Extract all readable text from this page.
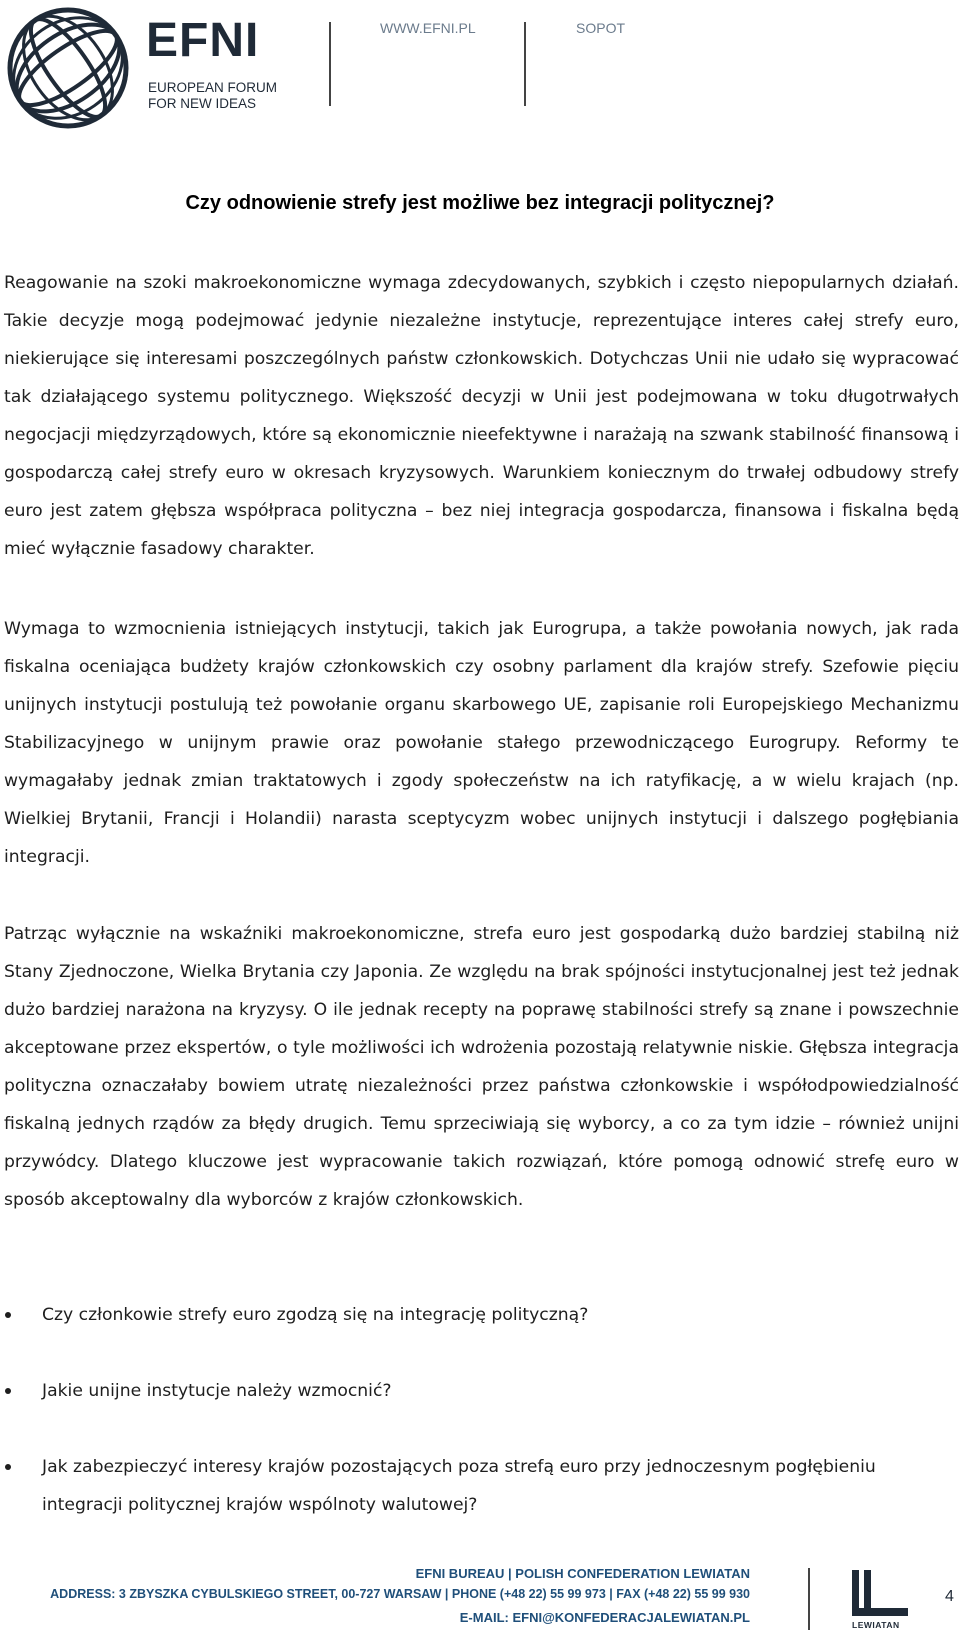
EFNI
EUROPEAN FORUM
FOR NEW IDEAS
WWW.EFNI.PL	SOPOT
Czy odnowienie strefy jest możliwe bez integracji politycznej?
Reagowanie na szoki makroekonomiczne wymaga zdecydowanych, szybkich i często niepopularnych działań. Takie decyzje mogą podejmować jedynie niezależne instytucje, reprezentujące interes całej strefy euro, niekierujące się interesami poszczególnych państw członkowskich. Dotychczas Unii nie udało się wypracować tak działającego systemu politycznego. Większość decyzji w Unii jest podejmowana w toku długotrwałych negocjacji międzyrządowych, które są ekonomicznie nieefektywne i narażają na szwank stabilność finansową i gospodarczą całej strefy euro w okresach kryzysowych. Warunkiem koniecznym do trwałej odbudowy strefy euro jest zatem głębsza współpraca polityczna – bez niej integracja gospodarcza, finansowa i fiskalna będą mieć wyłącznie fasadowy charakter.
Wymaga to wzmocnienia istniejących instytucji, takich jak Eurogrupa, a także powołania nowych, jak rada fiskalna oceniająca budżety krajów członkowskich czy osobny parlament dla krajów strefy. Szefowie pięciu unijnych instytucji postulują też powołanie organu skarbowego UE, zapisanie roli Europejskiego Mechanizmu Stabilizacyjnego w unijnym prawie oraz powołanie stałego przewodniczącego Eurogrupy. Reformy te wymagałaby jednak zmian traktatowych i zgody społeczeństw na ich ratyfikację, a w wielu krajach (np. Wielkiej Brytanii, Francji i Holandii) narasta sceptycyzm wobec unijnych instytucji i dalszego pogłębiania integracji.
Patrząc wyłącznie na wskaźniki makroekonomiczne, strefa euro jest gospodarką dużo bardziej stabilną niż Stany Zjednoczone, Wielka Brytania czy Japonia. Ze względu na brak spójności instytucjonalnej jest też jednak dużo bardziej narażona na kryzysy. O ile jednak recepty na poprawę stabilności strefy są znane i powszechnie akceptowane przez ekspertów, o tyle możliwości ich wdrożenia pozostają relatywnie niskie. Głębsza integracja polityczna oznaczałaby bowiem utratę niezależności przez państwa członkowskie i współodpowiedzialność fiskalną jednych rządów za błędy drugich. Temu sprzeciwiają się wyborcy, a co za tym idzie – również unijni przywódcy. Dlatego kluczowe jest wypracowanie takich rozwiązań, które pomogą odnowić strefę euro w sposób akceptowalny dla wyborców z krajów członkowskich.
Czy członkowie strefy euro zgodzą się na integrację polityczną?
Jakie unijne instytucje należy wzmocnić?
Jak zabezpieczyć interesy krajów pozostających poza strefą euro przy jednoczesnym pogłębieniu integracji politycznej krajów wspólnoty walutowej?
EFNI BUREAU | POLISH CONFEDERATION LEWIATAN
ADDRESS: 3 ZBYSZKA CYBULSKIEGO STREET, 00-727 WARSAW | PHONE (+48 22) 55 99 973 | FAX (+48 22) 55 99 930
E-MAIL: EFNI@KONFEDERACJALEWIATAN.PL	LEWIATAN
4
